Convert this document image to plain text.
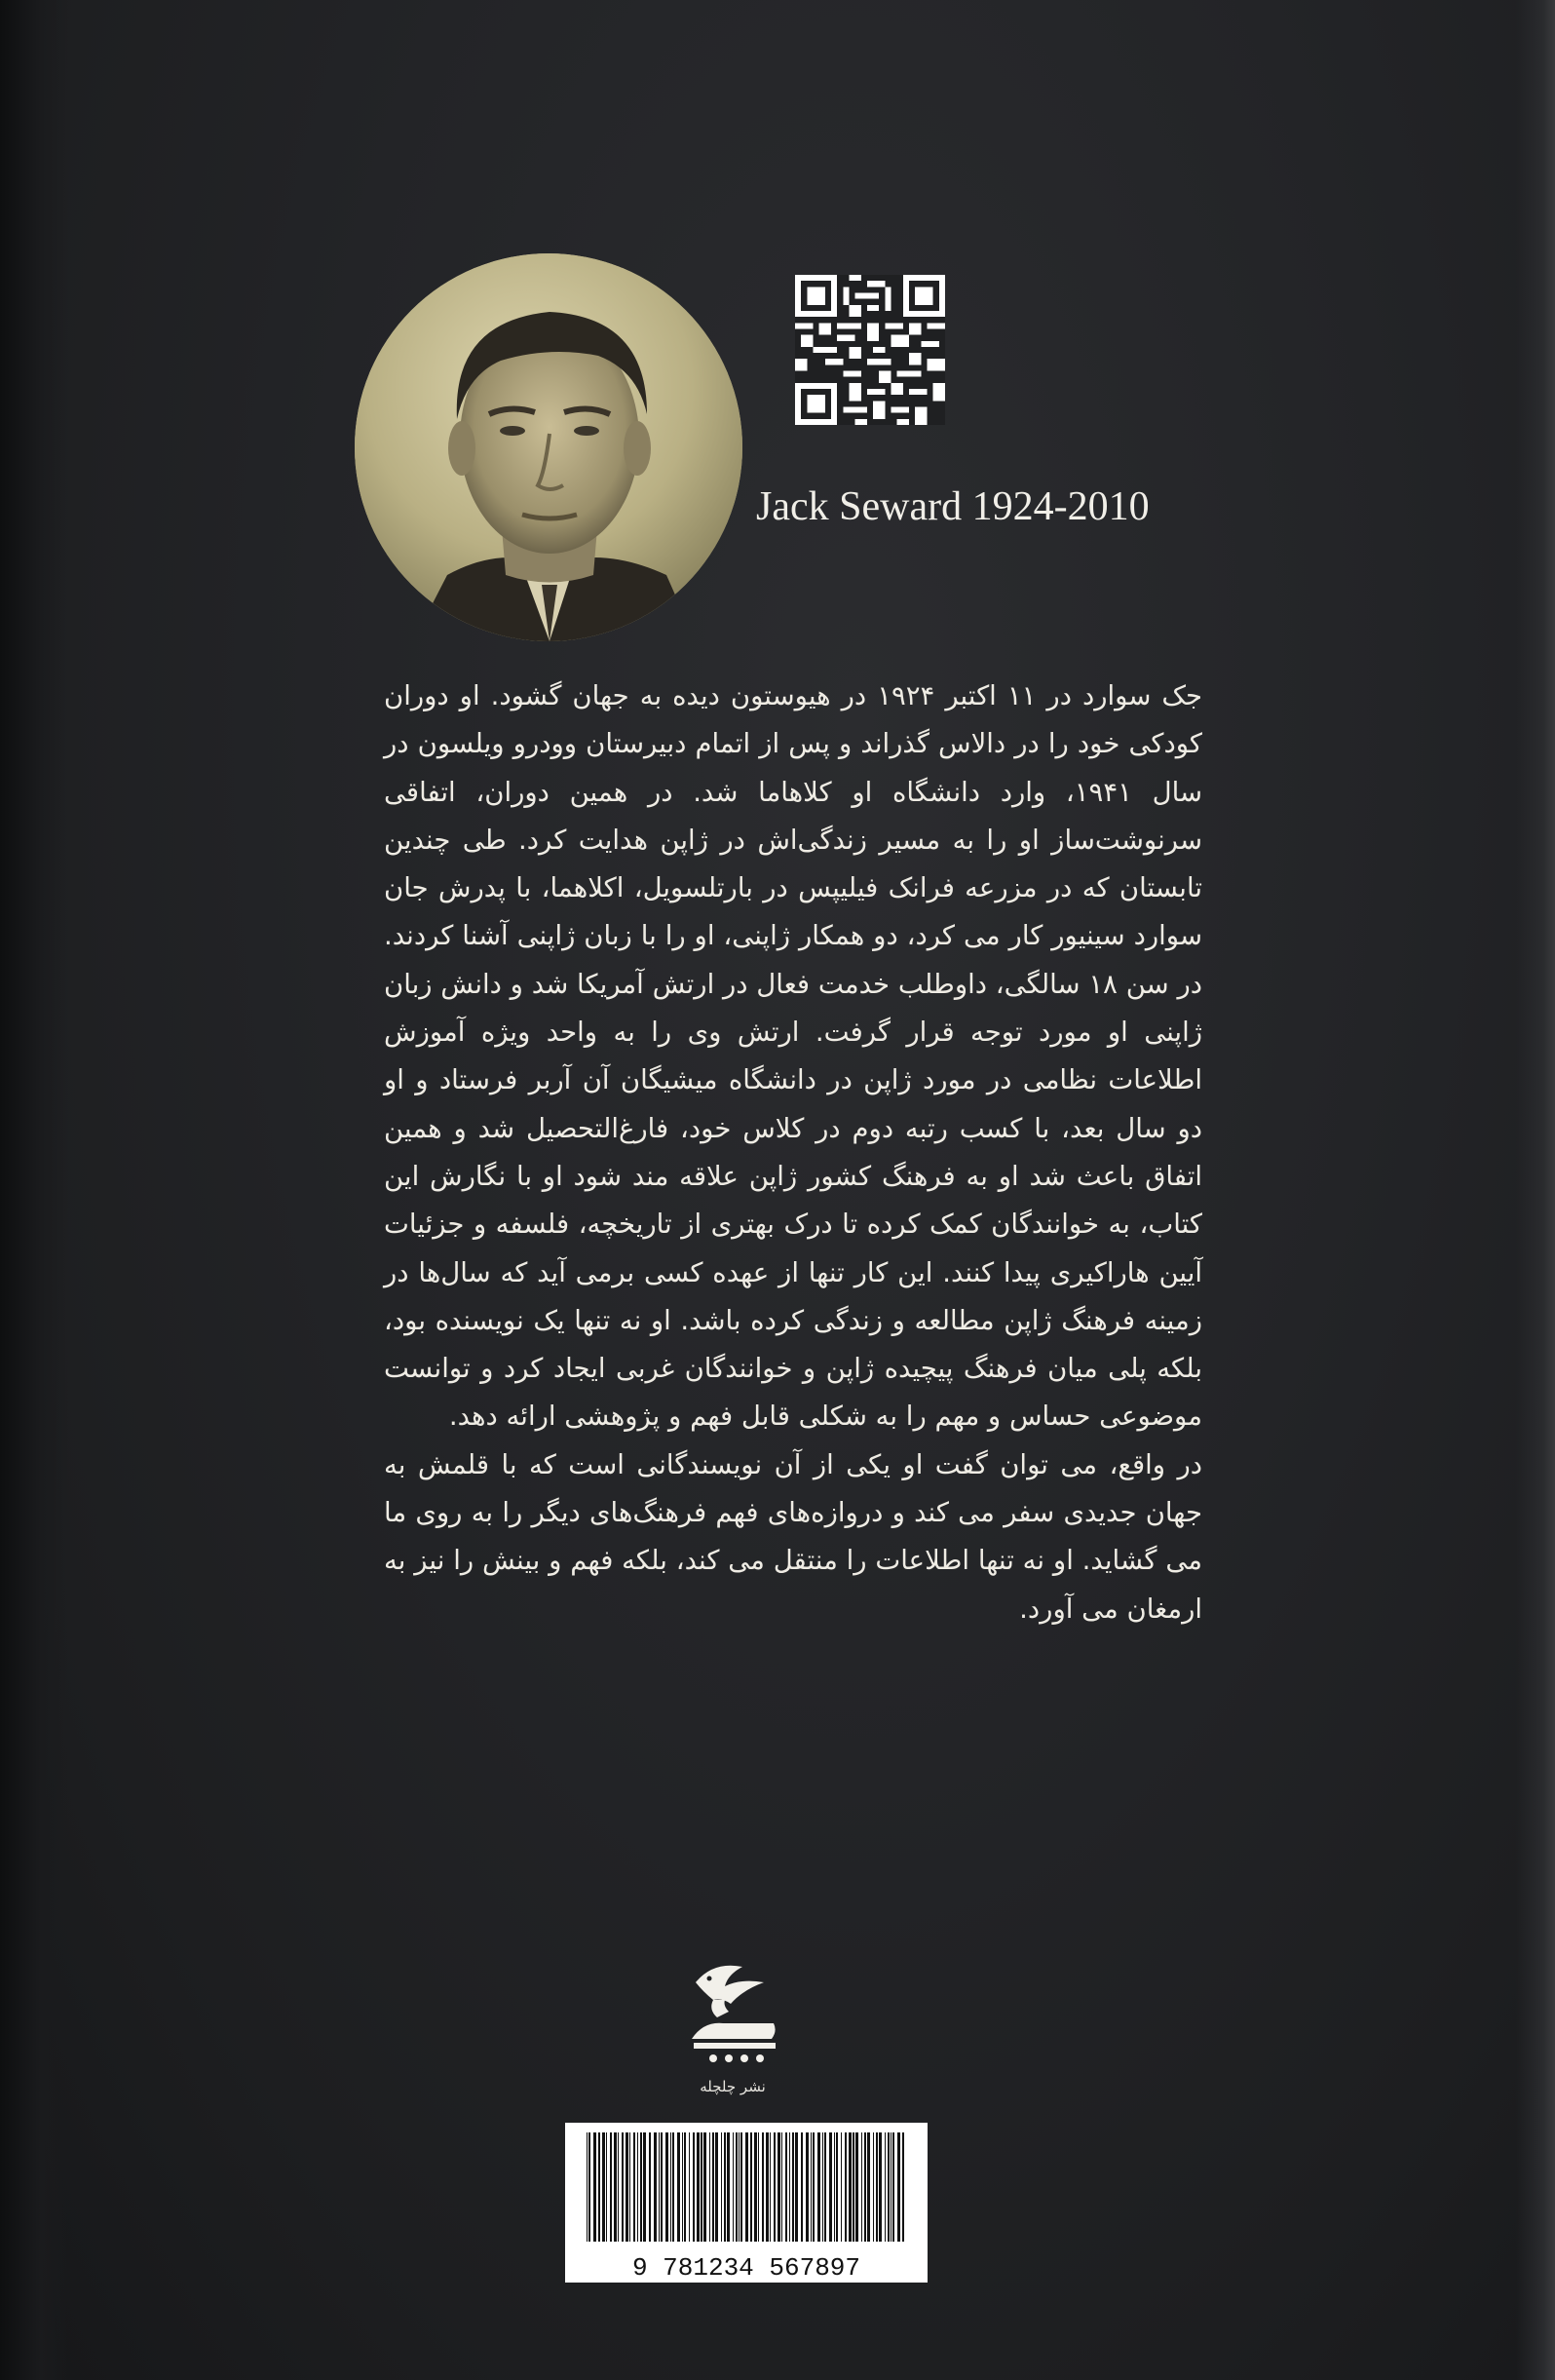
Jack Seward 1924-2010

جک سوارد در ۱۱ اکتبر ۱۹۲۴ در هیوستون دیده به جهان گشود. او دوران کودکی خود را در دالاس گذراند و پس از اتمام دبیرستان وودرو ویلسون در سال ۱۹۴۱، وارد دانشگاه او کلاهاما شد. در همین دوران، اتفاقی سرنوشت‌ساز او را به مسیر زندگی‌اش در ژاپن هدایت کرد. طی چندین تابستان که در مزرعه فرانک فیلیپس در بارتلسویل، اکلاهما، با پدرش جان سوارد سینیور کار می کرد، دو همکار ژاپنی، او را با زبان ژاپنی آشنا کردند. در سن ۱۸ سالگی، داوطلب خدمت فعال در ارتش آمریکا شد و دانش زبان ژاپنی او مورد توجه قرار گرفت. ارتش وی را به واحد ویژه آموزش اطلاعات نظامی در مورد ژاپن در دانشگاه میشیگان آن آربر فرستاد و او دو سال بعد، با کسب رتبه دوم در کلاس خود، فارغ‌التحصیل شد و همین اتفاق باعث شد او به فرهنگ کشور ژاپن علاقه مند شود او با نگارش این کتاب، به خوانندگان کمک کرده تا درک بهتری از تاریخچه، فلسفه و جزئیات آیین هاراکیری پیدا کنند. این کار تنها از عهده کسی برمی آید که سال‌ها در زمینه فرهنگ ژاپن مطالعه و زندگی کرده باشد. او نه تنها یک نویسنده بود، بلکه پلی میان فرهنگ پیچیده ژاپن و خوانندگان غربی ایجاد کرد و توانست موضوعی حساس و مهم را به شکلی قابل فهم و پژوهشی ارائه دهد.

در واقع، می توان گفت او یکی از آن نویسندگانی است که با قلمش به جهان جدیدی سفر می کند و دروازه‌های فهم فرهنگ‌های دیگر را به روی ما می گشاید. او نه تنها اطلاعات را منتقل می کند، بلکه فهم و بینش را نیز به ارمغان می آورد.

نشر چلچله
9 781234 567897
